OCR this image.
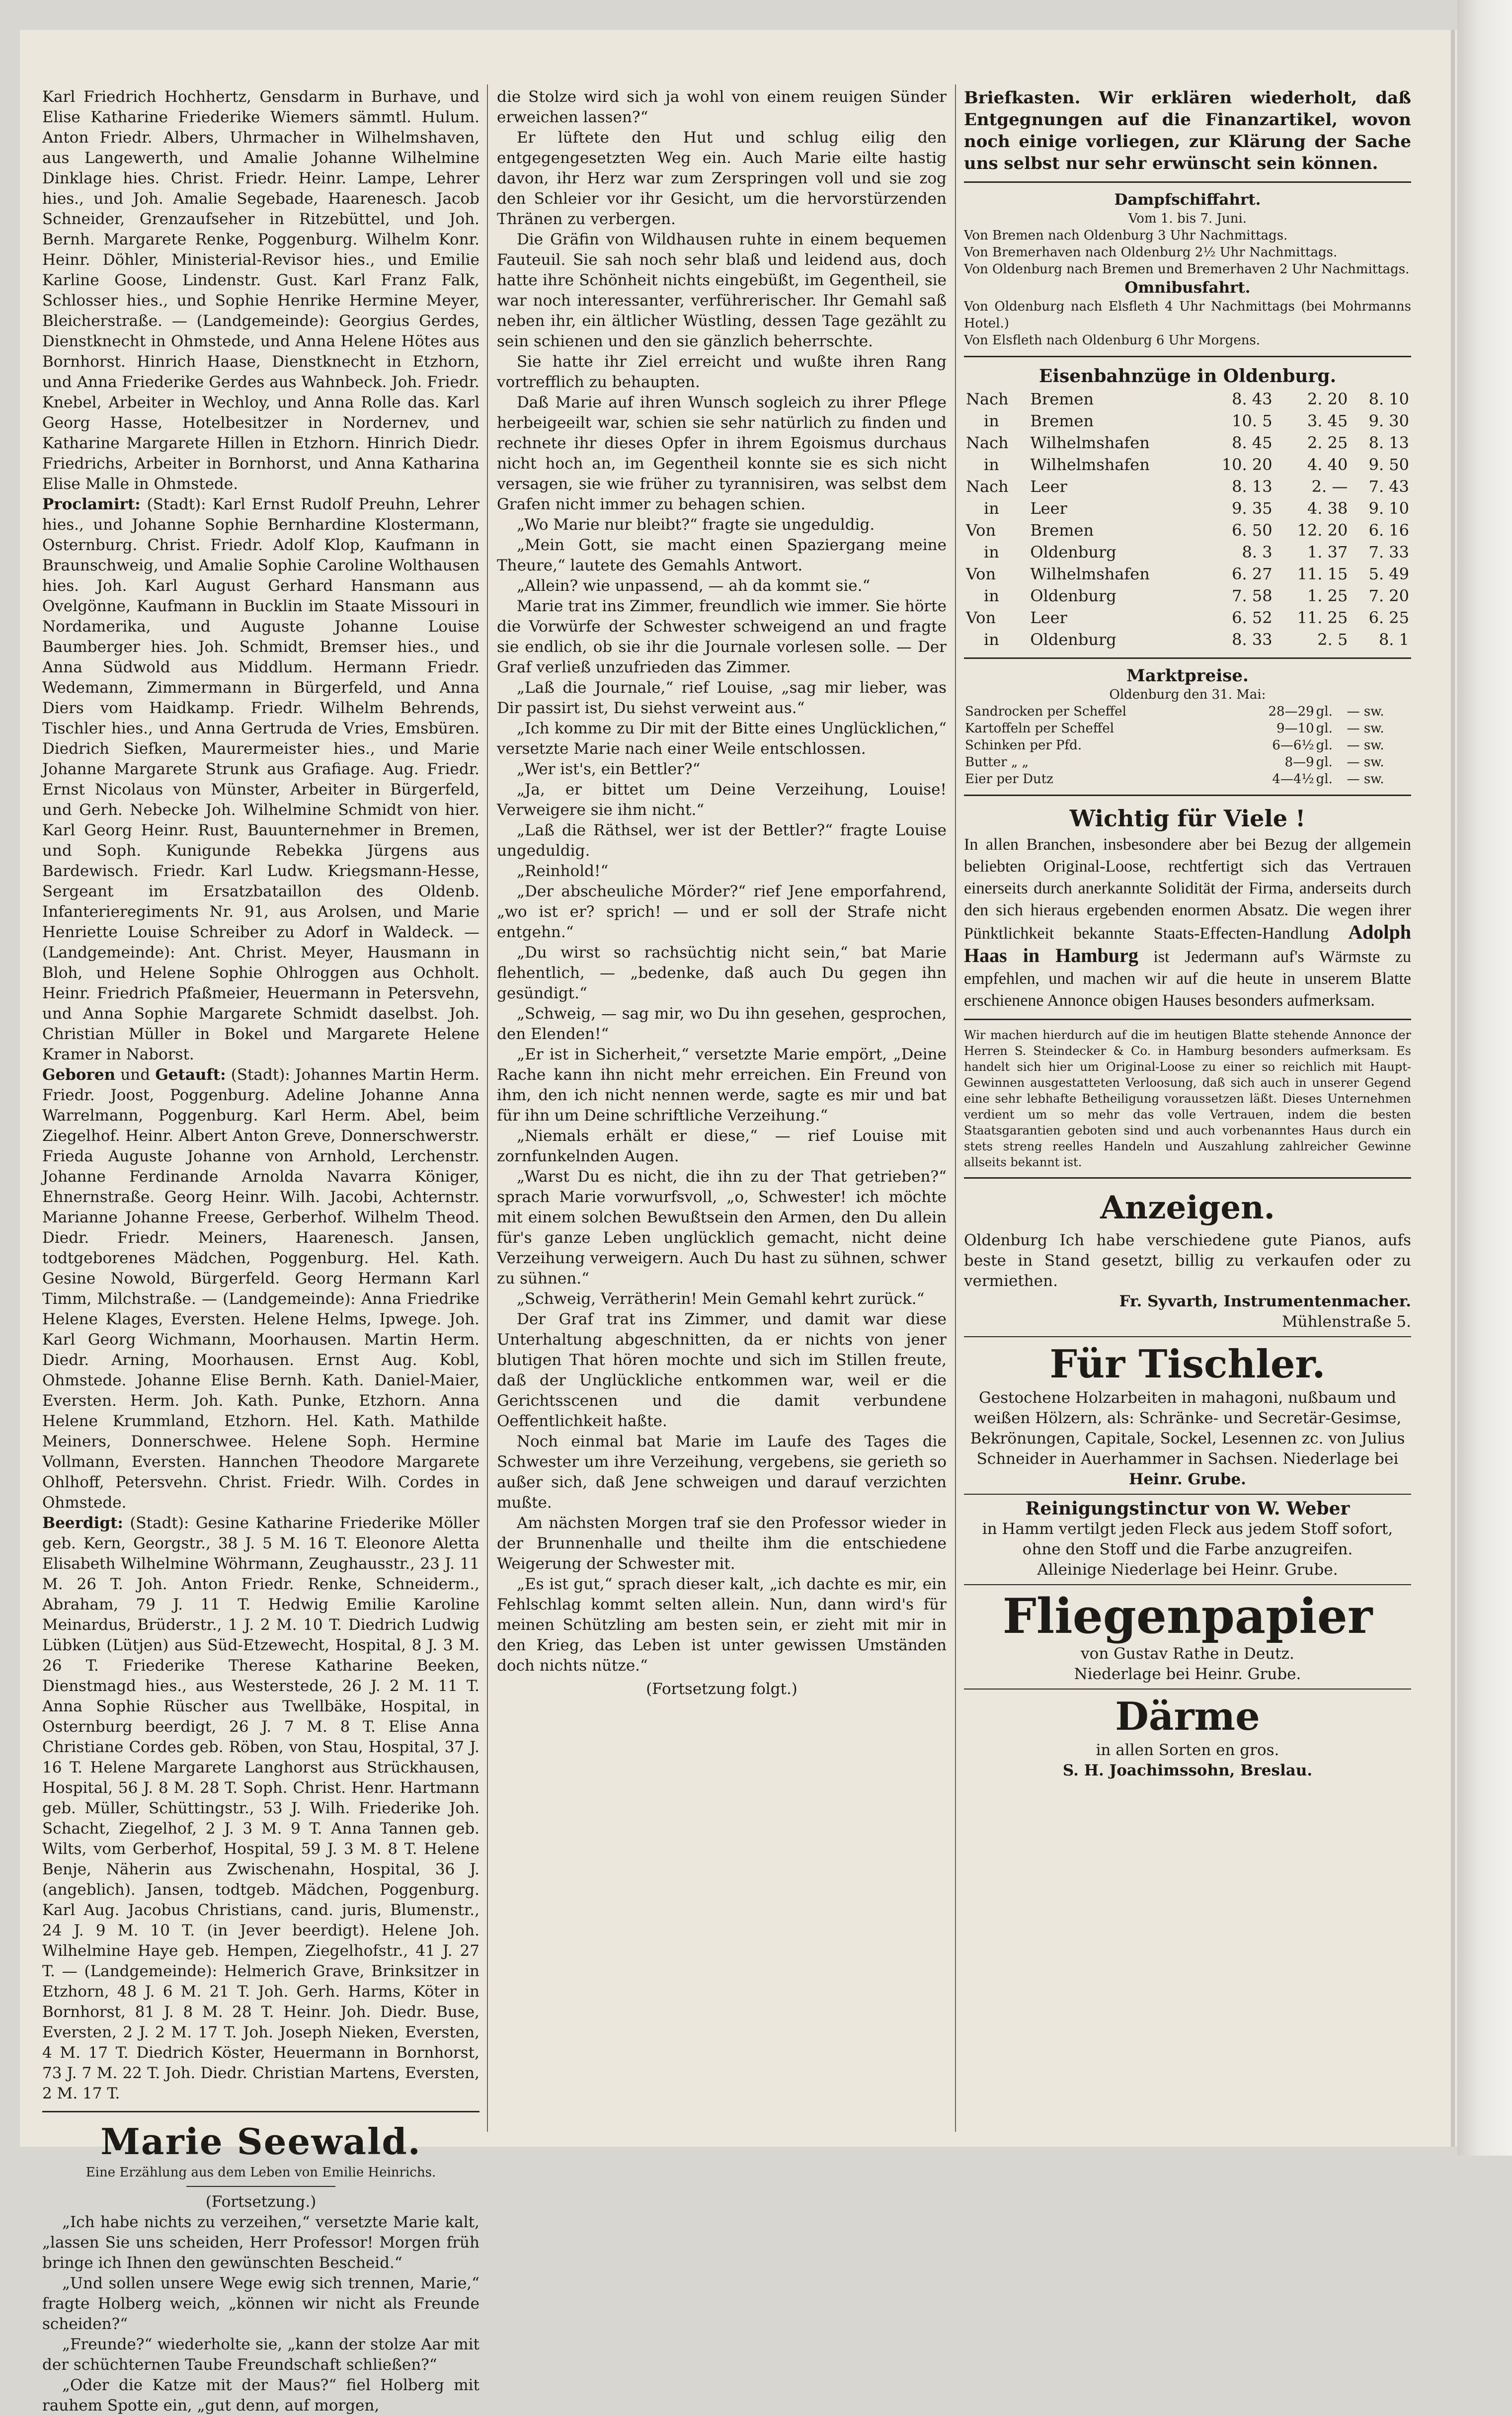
Karl Friedrich Hochhertz, Gensdarm in Burhave, und Elise Katharine Friederike Wiemers sämmtl. Hulum. Anton Friedr. Albers, Uhrmacher in Wilhelmshaven, aus Langewerth, und Amalie Johanne Wilhelmine Dinklage hies. Christ. Friedr. Heinr. Lampe, Lehrer hies., und Joh. Amalie Segebade, Haarenesch. Jacob Schneider, Grenzaufseher in Ritzebüttel, und Joh. Bernh. Margarete Renke, Poggenburg. Wilhelm Konr. Heinr. Döhler, Ministerial-Revisor hies., und Emilie Karline Goose, Lindenstr. Gust. Karl Franz Falk, Schlosser hies., und Sophie Henrike Hermine Meyer, Bleicherstraße. — (Landgemeinde): Georgius Gerdes, Dienstknecht in Ohmstede, und Anna Helene Hötes aus Bornhorst. Hinrich Haase, Dienstknecht in Etzhorn, und Anna Friederike Gerdes aus Wahnbeck. Joh. Friedr. Knebel, Arbeiter in Wechloy, und Anna Rolle das. Karl Georg Hasse, Hotelbesitzer in Nordernev, und Katharine Margarete Hillen in Etzhorn. Hinrich Diedr. Friedrichs, Arbeiter in Bornhorst, und Anna Katharina Elise Malle in Ohmstede.

Proclamirt: (Stadt): Karl Ernst Rudolf Preuhn, Lehrer hies., und Johanne Sophie Bernhardine Klostermann, Osternburg. Christ. Friedr. Adolf Klop, Kaufmann in Braunschweig, und Amalie Sophie Caroline Wolthausen hies. Joh. Karl August Gerhard Hansmann aus Ovelgönne, Kaufmann in Bucklin im Staate Missouri in Nordamerika, und Auguste Johanne Louise Baumberger hies. Joh. Schmidt, Bremser hies., und Anna Südwold aus Middlum. Hermann Friedr. Wedemann, Zimmermann in Bürgerfeld, und Anna Diers vom Haidkamp. Friedr. Wilhelm Behrends, Tischler hies., und Anna Gertruda de Vries, Emsbüren. Diedrich Siefken, Maurermeister hies., und Marie Johanne Margarete Strunk aus Grafiage. Aug. Friedr. Ernst Nicolaus von Münster, Arbeiter in Bürgerfeld, und Gerh. Nebecke Joh. Wilhelmine Schmidt von hier. Karl Georg Heinr. Rust, Bauunternehmer in Bremen, und Soph. Kunigunde Rebekka Jürgens aus Bardewisch. Friedr. Karl Ludw. Kriegsmann-Hesse, Sergeant im Ersatzbataillon des Oldenb. Infanterieregiments Nr. 91, aus Arolsen, und Marie Henriette Louise Schreiber zu Adorf in Waldeck. — (Landgemeinde): Ant. Christ. Meyer, Hausmann in Bloh, und Helene Sophie Ohlroggen aus Ochholt. Heinr. Friedrich Pfaßmeier, Heuermann in Petersvehn, und Anna Sophie Margarete Schmidt daselbst. Joh. Christian Müller in Bokel und Margarete Helene Kramer in Naborst.

Geboren und Getauft: (Stadt): Johannes Martin Herm. Friedr. Joost, Poggenburg. Adeline Johanne Anna Warrelmann, Poggenburg. Karl Herm. Abel, beim Ziegelhof. Heinr. Albert Anton Greve, Donnerschwerstr. Frieda Auguste Johanne von Arnhold, Lerchenstr. Johanne Ferdinande Arnolda Navarra Königer, Ehnernstraße. Georg Heinr. Wilh. Jacobi, Achternstr. Marianne Johanne Freese, Gerberhof. Wilhelm Theod. Diedr. Friedr. Meiners, Haarenesch. Jansen, todtgeborenes Mädchen, Poggenburg. Hel. Kath. Gesine Nowold, Bürgerfeld. Georg Hermann Karl Timm, Milchstraße. — (Landgemeinde): Anna Friedrike Helene Klages, Eversten. Helene Helms, Ipwege. Joh. Karl Georg Wichmann, Moorhausen. Martin Herm. Diedr. Arning, Moorhausen. Ernst Aug. Kobl, Ohmstede. Johanne Elise Bernh. Kath. Daniel-Maier, Eversten. Herm. Joh. Kath. Punke, Etzhorn. Anna Helene Krummland, Etzhorn. Hel. Kath. Mathilde Meiners, Donnerschwee. Helene Soph. Hermine Vollmann, Eversten. Hannchen Theodore Margarete Ohlhoff, Petersvehn. Christ. Friedr. Wilh. Cordes in Ohmstede.

Beerdigt: (Stadt): Gesine Katharine Friederike Möller geb. Kern, Georgstr., 38 J. 5 M. 16 T. Eleonore Aletta Elisabeth Wilhelmine Wöhrmann, Zeughausstr., 23 J. 11 M. 26 T. Joh. Anton Friedr. Renke, Schneiderm., Abraham, 79 J. 11 T. Hedwig Emilie Karoline Meinardus, Brüderstr., 1 J. 2 M. 10 T. Diedrich Ludwig Lübken (Lütjen) aus Süd-Etzewecht, Hospital, 8 J. 3 M. 26 T. Friederike Therese Katharine Beeken, Dienstmagd hies., aus Westerstede, 26 J. 2 M. 11 T. Anna Sophie Rüscher aus Twellbäke, Hospital, in Osternburg beerdigt, 26 J. 7 M. 8 T. Elise Anna Christiane Cordes geb. Röben, von Stau, Hospital, 37 J. 16 T. Helene Margarete Langhorst aus Strückhausen, Hospital, 56 J. 8 M. 28 T. Soph. Christ. Henr. Hartmann geb. Müller, Schüttingstr., 53 J. Wilh. Friederike Joh. Schacht, Ziegelhof, 2 J. 3 M. 9 T. Anna Tannen geb. Wilts, vom Gerberhof, Hospital, 59 J. 3 M. 8 T. Helene Benje, Näherin aus Zwischenahn, Hospital, 36 J. (angeblich). Jansen, todtgeb. Mädchen, Poggenburg. Karl Aug. Jacobus Christians, cand. juris, Blumenstr., 24 J. 9 M. 10 T. (in Jever beerdigt). Helene Joh. Wilhelmine Haye geb. Hempen, Ziegelhofstr., 41 J. 27 T. — (Landgemeinde): Helmerich Grave, Brinksitzer in Etzhorn, 48 J. 6 M. 21 T. Joh. Gerh. Harms, Köter in Bornhorst, 81 J. 8 M. 28 T. Heinr. Joh. Diedr. Buse, Eversten, 2 J. 2 M. 17 T. Joh. Joseph Nieken, Eversten, 4 M. 17 T. Diedrich Köster, Heuermann in Bornhorst, 73 J. 7 M. 22 T. Joh. Diedr. Christian Martens, Eversten, 2 M. 17 T.

Marie Seewald.
Eine Erzählung aus dem Leben von Emilie Heinrichs.
(Fortsetzung.)

„Ich habe nichts zu verzeihen,“ versetzte Marie kalt, „lassen Sie uns scheiden, Herr Professor! Morgen früh bringe ich Ihnen den gewünschten Bescheid.“

„Und sollen unsere Wege ewig sich trennen, Marie,“ fragte Holberg weich, „können wir nicht als Freunde scheiden?“

„Freunde?“ wiederholte sie, „kann der stolze Aar mit der schüchternen Taube Freundschaft schließen?“

„Oder die Katze mit der Maus?“ fiel Holberg mit rauhem Spotte ein, „gut denn, auf morgen,

die Stolze wird sich ja wohl von einem reuigen Sünder erweichen lassen?“

Er lüftete den Hut und schlug eilig den entgegengesetzten Weg ein. Auch Marie eilte hastig davon, ihr Herz war zum Zerspringen voll und sie zog den Schleier vor ihr Gesicht, um die hervorstürzenden Thränen zu verbergen.

Die Gräfin von Wildhausen ruhte in einem bequemen Fauteuil. Sie sah noch sehr blaß und leidend aus, doch hatte ihre Schönheit nichts eingebüßt, im Gegentheil, sie war noch interessanter, verführerischer. Ihr Gemahl saß neben ihr, ein ältlicher Wüstling, dessen Tage gezählt zu sein schienen und den sie gänzlich beherrschte.

Sie hatte ihr Ziel erreicht und wußte ihren Rang vortrefflich zu behaupten.

Daß Marie auf ihren Wunsch sogleich zu ihrer Pflege herbeigeeilt war, schien sie sehr natürlich zu finden und rechnete ihr dieses Opfer in ihrem Egoismus durchaus nicht hoch an, im Gegentheil konnte sie es sich nicht versagen, sie wie früher zu tyrannisiren, was selbst dem Grafen nicht immer zu behagen schien.

„Wo Marie nur bleibt?“ fragte sie ungeduldig.

„Mein Gott, sie macht einen Spaziergang meine Theure,“ lautete des Gemahls Antwort.

„Allein? wie unpassend, — ah da kommt sie.“

Marie trat ins Zimmer, freundlich wie immer. Sie hörte die Vorwürfe der Schwester schweigend an und fragte sie endlich, ob sie ihr die Journale vorlesen solle. — Der Graf verließ unzufrieden das Zimmer.

„Laß die Journale,“ rief Louise, „sag mir lieber, was Dir passirt ist, Du siehst verweint aus.“

„Ich komme zu Dir mit der Bitte eines Unglücklichen,“ versetzte Marie nach einer Weile entschlossen.

„Wer ist's, ein Bettler?“

„Ja, er bittet um Deine Verzeihung, Louise! Verweigere sie ihm nicht.“

„Laß die Räthsel, wer ist der Bettler?“ fragte Louise ungeduldig.

„Reinhold!“

„Der abscheuliche Mörder?“ rief Jene emporfahrend, „wo ist er? sprich! — und er soll der Strafe nicht entgehn.“

„Du wirst so rachsüchtig nicht sein,“ bat Marie flehentlich, — „bedenke, daß auch Du gegen ihn gesündigt.“

„Schweig, — sag mir, wo Du ihn gesehen, gesprochen, den Elenden!“

„Er ist in Sicherheit,“ versetzte Marie empört, „Deine Rache kann ihn nicht mehr erreichen. Ein Freund von ihm, den ich nicht nennen werde, sagte es mir und bat für ihn um Deine schriftliche Verzeihung.“

„Niemals erhält er diese,“ — rief Louise mit zornfunkelnden Augen.

„Warst Du es nicht, die ihn zu der That getrieben?“ sprach Marie vorwurfsvoll, „o, Schwester! ich möchte mit einem solchen Bewußtsein den Armen, den Du allein für's ganze Leben unglücklich gemacht, nicht deine Verzeihung verweigern. Auch Du hast zu sühnen, schwer zu sühnen.“

„Schweig, Verrätherin! Mein Gemahl kehrt zurück.“

Der Graf trat ins Zimmer, und damit war diese Unterhaltung abgeschnitten, da er nichts von jener blutigen That hören mochte und sich im Stillen freute, daß der Unglückliche entkommen war, weil er die Gerichtsscenen und die damit verbundene Oeffentlichkeit haßte.

Noch einmal bat Marie im Laufe des Tages die Schwester um ihre Verzeihung, vergebens, sie gerieth so außer sich, daß Jene schweigen und darauf verzichten mußte.

Am nächsten Morgen traf sie den Professor wieder in der Brunnenhalle und theilte ihm die entschiedene Weigerung der Schwester mit.

„Es ist gut,“ sprach dieser kalt, „ich dachte es mir, ein Fehlschlag kommt selten allein. Nun, dann wird's für meinen Schützling am besten sein, er zieht mit mir in den Krieg, das Leben ist unter gewissen Umständen doch nichts nütze.“

(Fortsetzung folgt.)
Briefkasten. Wir erklären wiederholt, daß Entgegnungen auf die Finanzartikel, wovon noch einige vorliegen, zur Klärung der Sache uns selbst nur sehr erwünscht sein können.
Dampfschiffahrt.
Vom 1. bis 7. Juni.
Von Bremen nach Oldenburg 3 Uhr Nachmittags.
Von Bremerhaven nach Oldenburg 2½ Uhr Nachmittags.
Von Oldenburg nach Bremen und Bremerhaven 2 Uhr Nachmittags.
Omnibusfahrt.
Von Oldenburg nach Elsfleth 4 Uhr Nachmittags (bei Mohrmanns Hotel.)
Von Elsfleth nach Oldenburg 6 Uhr Morgens.
Eisenbahnzüge in Oldenburg.
Nach	Bremen	8. 43	2. 20	8. 10
in	Bremen	10. 5	3. 45	9. 30
Nach	Wilhelmshafen	8. 45	2. 25	8. 13
in	Wilhelmshafen	10. 20	4. 40	9. 50
Nach	Leer	8. 13	2. —	7. 43
in	Leer	9. 35	4. 38	9. 10
Von	Bremen	6. 50	12. 20	6. 16
in	Oldenburg	8. 3	1. 37	7. 33
Von	Wilhelmshafen	6. 27	11. 15	5. 49
in	Oldenburg	7. 58	1. 25	7. 20
Von	Leer	6. 52	11. 25	6. 25
in	Oldenburg	8. 33	2. 5	8. 1
Marktpreise.
Oldenburg den 31. Mai:
Sandrocken per Scheffel	28—29	gl.	— sw.
Kartoffeln per Scheffel	9—10	gl.	— sw.
Schinken per Pfd.	6—6½	gl.	— sw.
Butter „ „	8—9	gl.	— sw.
Eier per Dutz	4—4½	gl.	— sw.
Wichtig für Viele !
In allen Branchen, insbesondere aber bei Bezug der allgemein beliebten Original-Loose, rechtfertigt sich das Vertrauen einerseits durch anerkannte Solidität der Firma, anderseits durch den sich hieraus ergebenden enormen Absatz. Die wegen ihrer Pünktlichkeit bekannte Staats-Effecten-Handlung Adolph Haas in Hamburg ist Jedermann auf's Wärmste zu empfehlen, und machen wir auf die heute in unserem Blatte erschienene Annonce obigen Hauses besonders aufmerksam.
Wir machen hierdurch auf die im heutigen Blatte stehende Annonce der Herren S. Steindecker & Co. in Hamburg besonders aufmerksam. Es handelt sich hier um Original-Loose zu einer so reichlich mit Haupt-Gewinnen ausgestatteten Verloosung, daß sich auch in unserer Gegend eine sehr lebhafte Betheiligung voraussetzen läßt. Dieses Unternehmen verdient um so mehr das volle Vertrauen, indem die besten Staatsgarantien geboten sind und auch vorbenanntes Haus durch ein stets streng reelles Handeln und Auszahlung zahlreicher Gewinne allseits bekannt ist.
Anzeigen.
Oldenburg Ich habe verschiedene gute Pianos, aufs beste in Stand gesetzt, billig zu verkaufen oder zu vermiethen.
Fr. Syvarth, Instrumentenmacher.
Mühlenstraße 5.
Für Tischler.
Gestochene Holzarbeiten in mahagoni, nußbaum und weißen Hölzern, als: Schränke- und Secretär-Gesimse, Bekrönungen, Capitale, Sockel, Lesennen zc. von Julius Schneider in Auerhammer in Sachsen. Niederlage bei
Heinr. Grube.
Reinigungstinctur von W. Weber
in Hamm vertilgt jeden Fleck aus jedem Stoff sofort, ohne den Stoff und die Farbe anzugreifen.
Alleinige Niederlage bei Heinr. Grube.
Fliegenpapier
von Gustav Rathe in Deutz.
Niederlage bei Heinr. Grube.
Därme
in allen Sorten en gros.
S. H. Joachimssohn, Breslau.
